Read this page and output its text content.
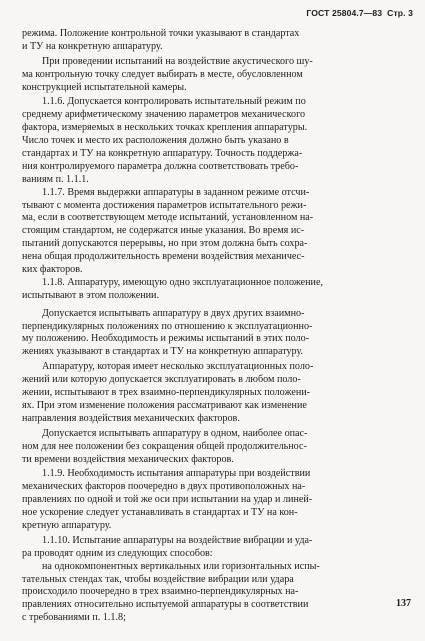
ГОСТ 25804.7—83 Стр. 3
режима. Положение контрольной точки указывают в стандартах
и ТУ на конкретную аппаратуру.
При проведении испытаний на воздействие акустического шу-
ма контрольную точку следует выбирать в месте, обусловленном
конструкцией испытательной камеры.
1.1.6. Допускается контролировать испытательный режим по
среднему арифметическому значению параметров механического
фактора, измеряемых в нескольких точках крепления аппаратуры.
Число точек и место их расположения должно быть указано в
стандартах и ТУ на конкретную аппаратуру. Точность поддержа-
ния контролируемого параметра должна соответствовать требо-
ваниям п. 1.1.1.
1.1.7. Время выдержки аппаратуры в заданном режиме отсчи-
тывают с момента достижения параметров испытательного режи-
ма, если в соответствующем методе испытаний, установленном на-
стоящим стандартом, не содержатся иные указания. Во время ис-
пытаний допускаются перерывы, но при этом должна быть сохра-
нена общая продолжительность времени воздействия механичес-
ких факторов.
1.1.8. Аппаратуру, имеющую одно эксплуатационное положение,
испытывают в этом положении.
Допускается испытывать аппаратуру в двух других взаимно-
перпендикулярных положениях по отношению к эксплуатационно-
му положению. Необходимость и режимы испытаний в этих поло-
жениях указывают в стандартах и ТУ на конкретную аппаратуру.
Аппаратуру, которая имеет несколько эксплуатационных поло-
жений или которую допускается эксплуатировать в любом поло-
жении, испытывают в трех взаимно-перпендикулярных положени-
ях. При этом изменение положения рассматривают как изменение
направления воздействия механических факторов.
Допускается испытывать аппаратуру в одном, наиболее опас-
ном для нее положении без сокращения общей продолжительнос-
ти времени воздействия механических факторов.
1.1.9. Необходимость испытания аппаратуры при воздействии
механических факторов поочередно в двух противоположных на-
правлениях по одной и той же оси при испытании на удар и линей-
ное ускорение следует устанавливать в стандартах и ТУ на кон-
кретную аппаратуру.
1.1.10. Испытание аппаратуры на воздействие вибрации и уда-
ра проводят одним из следующих способов:
на однокомпонентных вертикальных или горизонтальных испы-
тательных стендах так, чтобы воздействие вибрации или удара
происходило поочередно в трех взаимно-перпендикулярных на-
правлениях относительно испытуемой аппаратуры в соответствии
с требованиями п. 1.1.8;
137
